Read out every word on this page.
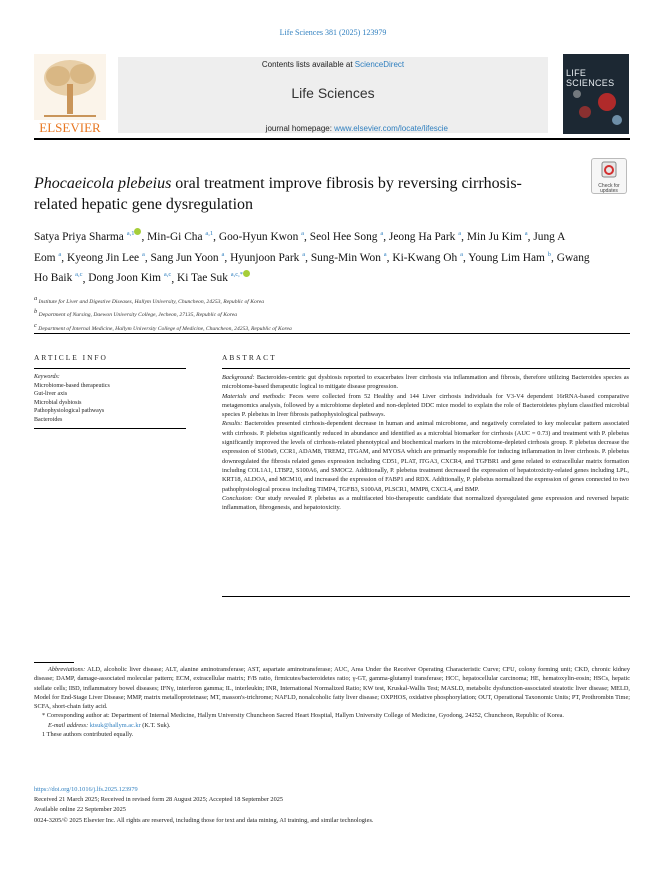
Life Sciences 381 (2025) 123979
ELSEVIER
Contents lists available at ScienceDirect
Life Sciences
journal homepage: www.elsevier.com/locate/lifescie
LIFE SCIENCES
Check for updates
Phocaeicola plebeius oral treatment improve fibrosis by reversing cirrhosis-related hepatic gene dysregulation
Satya Priya Sharma $^{a,1}$ , Min-Gi Cha $^{a,1}$, Goo-Hyun Kwon $^a$, Seol Hee Song $^a$, Jeong Ha Park $^a$, Min Ju Kim $^a$, Jung A Eom $^a$, Kyeong Jin Lee $^a$, Sang Jun Yoon $^a$, Hyunjoon Park $^a$, Sung-Min Won $^a$, Ki-Kwang Oh $^a$, Young Lim Ham $^b$, Gwang Ho Baik $^{a,c}$, Dong Joon Kim $^{a,c}$, Ki Tae Suk $^{a,c,*}$
$^a$ Institute for Liver and Digestive Diseases, Hallym University, Chuncheon, 24253, Republic of Korea
$^b$ Department of Nursing, Daewon University College, Jecheon, 27135, Republic of Korea
$^c$ Department of Internal Medicine, Hallym University College of Medicine, Chuncheon, 24253, Republic of Korea
ARTICLE INFO
Keywords:
Microbiome-based therapeutics
Gut-liver axis
Microbial dysbiosis
Pathophysiological pathways
Bacteroides
ABSTRACT

Background: Bacteroides-centric gut dysbiosis reported to exacerbates liver cirrhosis via inflammation and fibrosis, therefore utilizing Bacteroides species as microbiome-based therapeutic logical to mitigate disease progression.

Materials and methods: Feces were collected from 52 Healthy and 144 Liver cirrhosis individuals for V3-V4 dependent 16rRNA-based comparative metagenomics analysis, followed by a microbiome depleted and non-depleted DDC mice model to explain the role of Bacteroidetes phylum classified microbial species P. plebeius in liver fibrosis pathophysiological pathways.

Results: Bacteroides presented cirrhosis-dependent decrease in human and animal microbiome, and negatively correlated to key molecular pattern associated with cirrhosis. P. plebeius significantly reduced in abundance and identified as a microbial biomarker for cirrhosis (AUC = 0.73) and treatment with P. plebeius significantly improved the levels of cirrhosis-related phenotypical and biochemical markers in the microbiome-depleted cirrhosis group. P. plebeius decrease the expression of S100a9, CCR1, ADAM8, TREM2, ITGAM, and MYOSA which are primarily responsible for inducing inflammation in liver cirrhosis. P. plebeius downregulated the fibrosis related genes expression including CD51, PLAT, ITGA3, CXCR4, and TGFBR1 and gene related to extracellular matrix formation including COL1A1, LTBP2, S100A6, and SMOC2. Additionally, P. plebeius treatment decreased the expression of hepatotoxicity-related genes including LPL, KRT18, ALDOA, and MCM10, and increased the expression of FABP1 and RDX. Additionally, P. plebeius normalized the expression of genes connected to two pathophysiological process including TIMP4, TGFB3, S100A8, PLSCR1, MMP8, CXCL4, and BMP.

Conclusion: Our study revealed P. plebeius as a multifaceted bio-therapeutic candidate that normalized dysregulated gene expression and reversed hepatic inflammation, fibrogenesis, and hepatotoxicity.

Abbreviations: ALD, alcoholic liver disease; ALT, alanine aminotransferase; AST, aspartate aminotransferase; AUC, Area Under the Receiver Operating Characteristic Curve; CFU, colony forming unit; CKD, chronic kidney disease; DAMP, damage-associated molecular pattern; ECM, extracellular matrix; F/B ratio, firmicutes/bacteroidetes ratio; γ-GT, gamma-glutamyl transferase; HCC, hepatocellular carcinoma; HE, hematoxylin-eosin; HSCs, hepatic stellate cells; IBD, inflammatory bowel diseases; IFNγ, interferon gamma; IL, interleukin; INR, International Normalized Ratio; KW test, Kruskal-Wallis Test; MASLD, metabolic dysfunction-associated steatotic liver disease; MELD, Model for End-Stage Liver Disease; MMP, matrix metalloproteinase; MT, masson's-trichrome; NAFLD, nonalcoholic fatty liver disease; OXPHOS, oxidative phosphorylation; OUT, Operational Taxonomic Units; PT, Prothrombin Time; SCFA, short-chain fatty acid.

* Corresponding author at: Department of Internal Medicine, Hallym University Chuncheon Sacred Heart Hospital, Hallym University College of Medicine, Gyodong, 24252, Chuncheon, Republic of Korea.

E-mail address: ktsuk@hallym.ac.kr (K.T. Suk).

1 These authors contributed equally.

https://doi.org/10.1016/j.lfs.2025.123979

Received 21 March 2025; Received in revised form 28 August 2025; Accepted 18 September 2025

Available online 22 September 2025

0024-3205/© 2025 Elsevier Inc. All rights are reserved, including those for text and data mining, AI training, and similar technologies.
